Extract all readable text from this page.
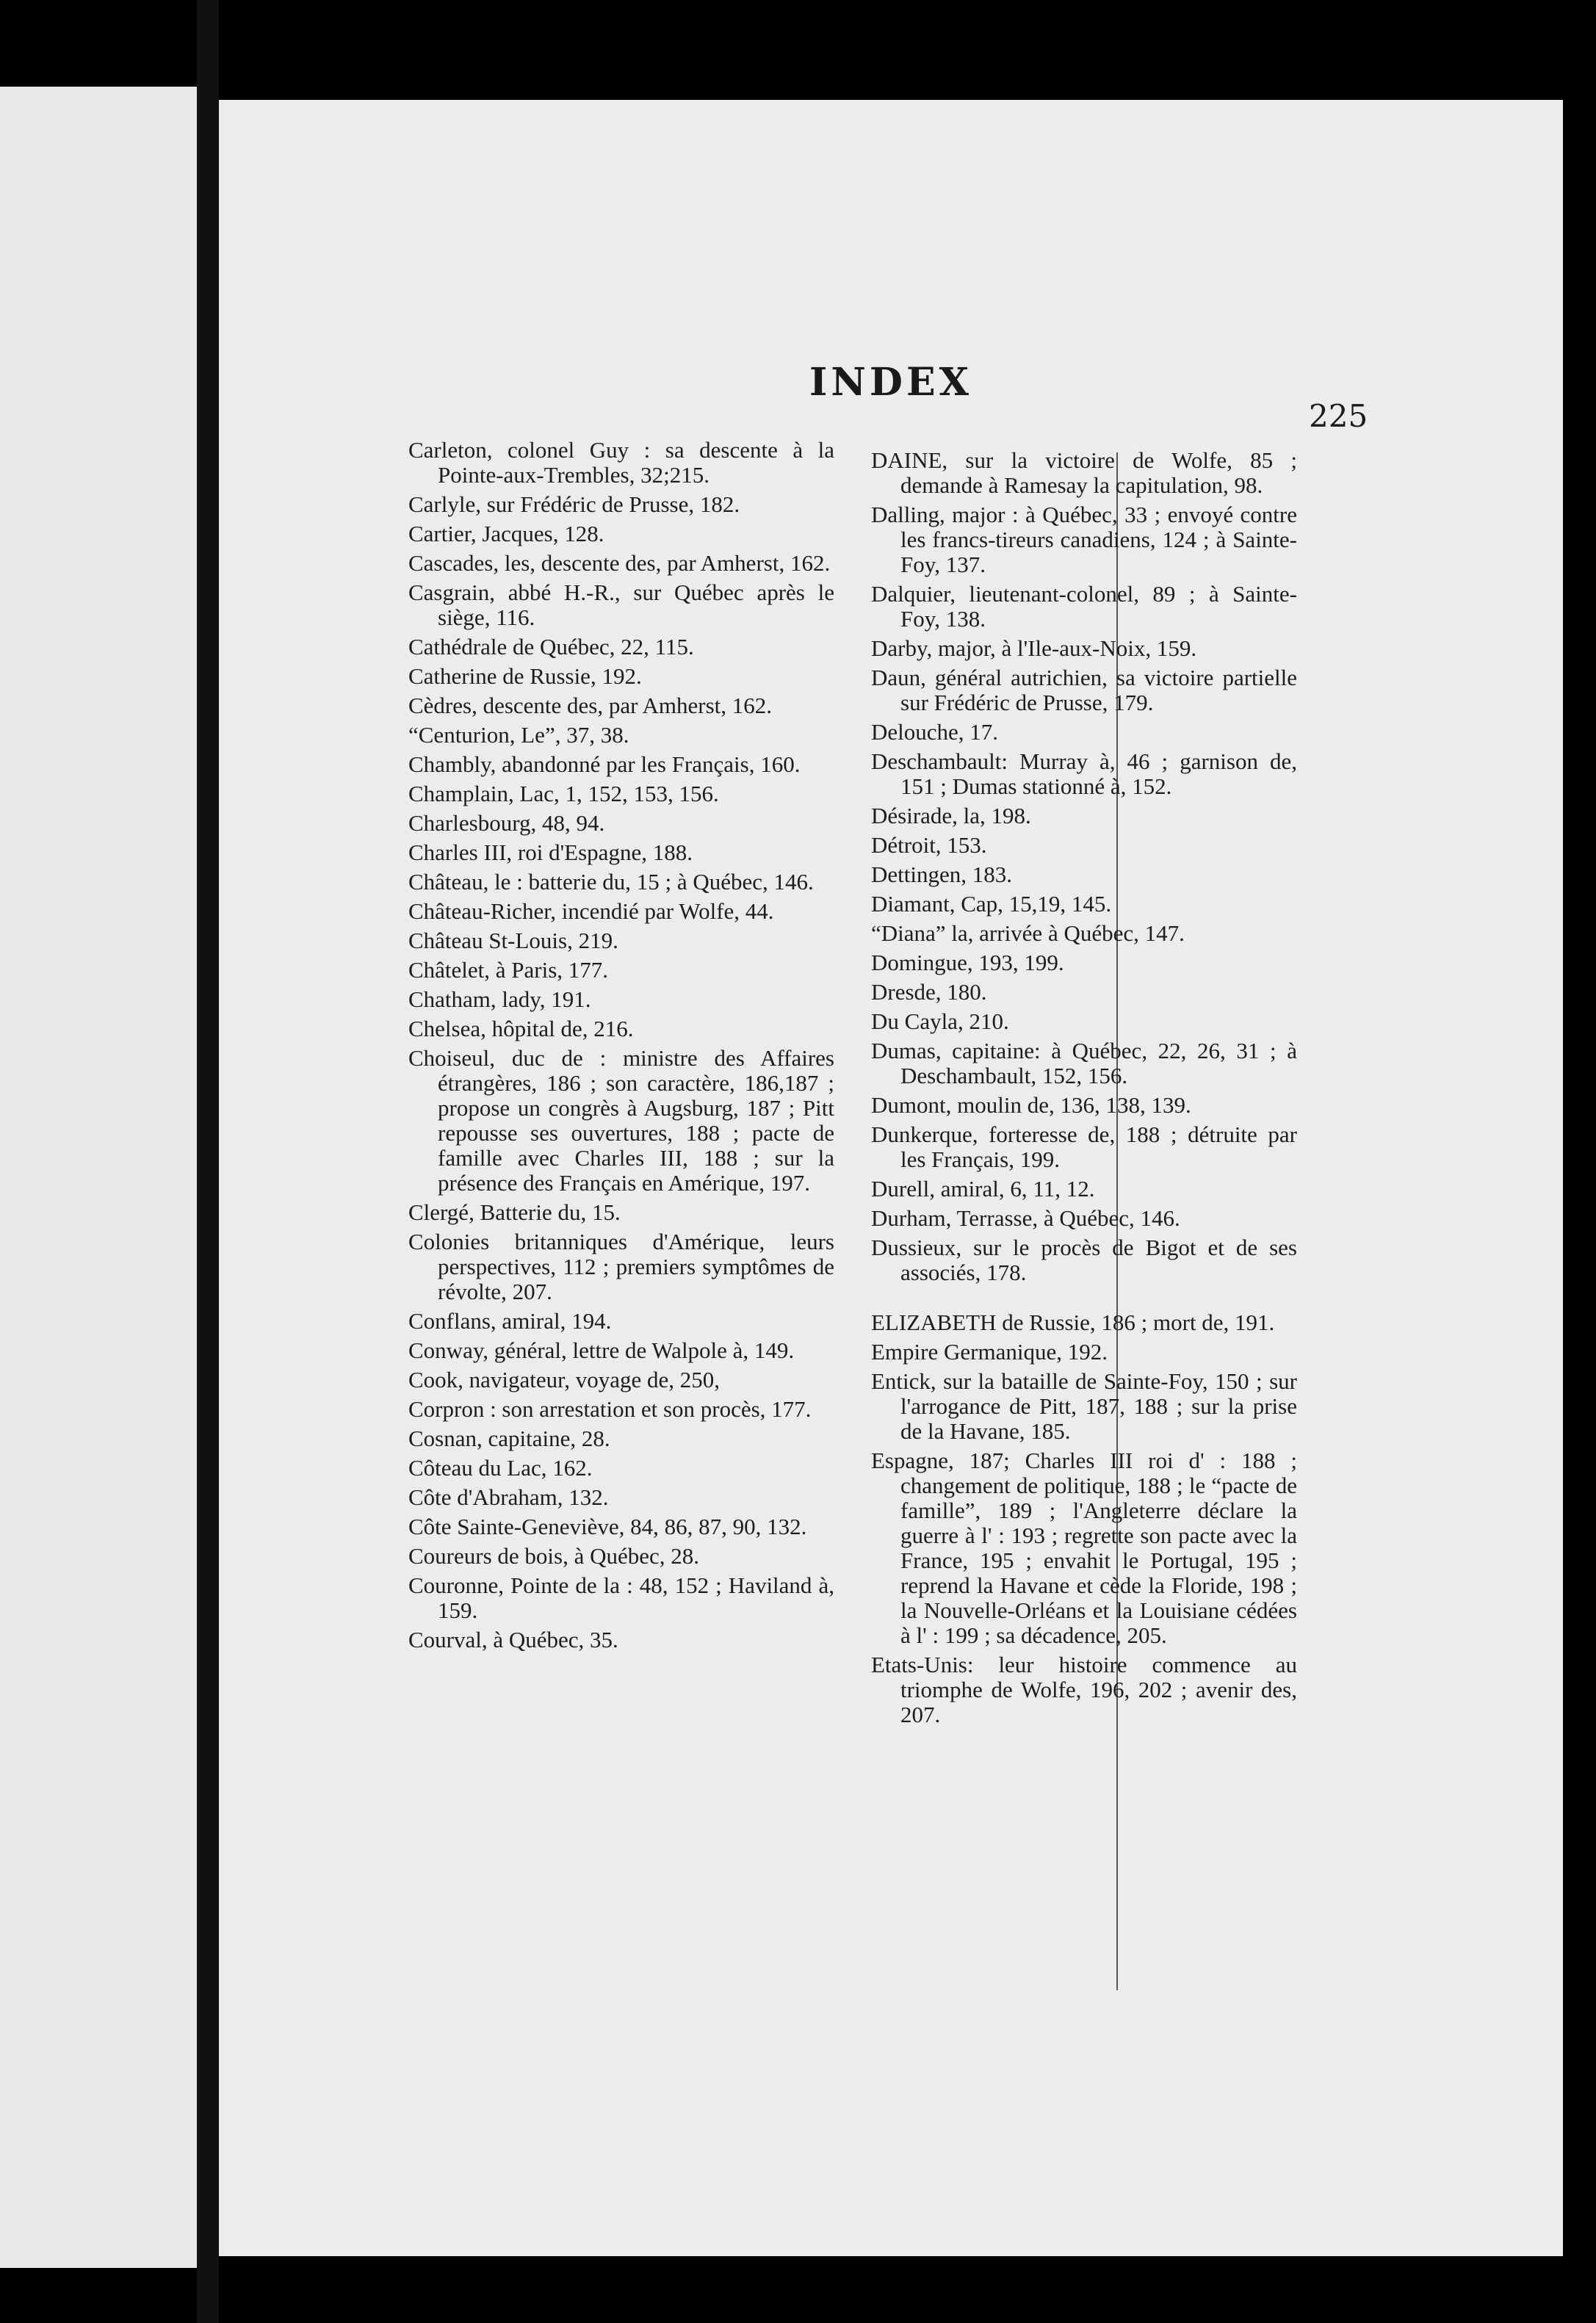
INDEX
225

Carleton, colonel Guy : sa descente à la Pointe-aux-Trembles, 32;215.

Carlyle, sur Frédéric de Prusse, 182.

Cartier, Jacques, 128.

Cascades, les, descente des, par Amherst, 162.

Casgrain, abbé H.-R., sur Québec après le siège, 116.

Cathédrale de Québec, 22, 115.

Catherine de Russie, 192.

Cèdres, descente des, par Amherst, 162.

“Centurion, Le”, 37, 38.

Chambly, abandonné par les Français, 160.

Champlain, Lac, 1, 152, 153, 156.

Charlesbourg, 48, 94.

Charles III, roi d'Espagne, 188.

Château, le : batterie du, 15 ; à Québec, 146.

Château-Richer, incendié par Wolfe, 44.

Château St-Louis, 219.

Châtelet, à Paris, 177.

Chatham, lady, 191.

Chelsea, hôpital de, 216.

Choiseul, duc de : ministre des Affaires étrangères, 186 ; son caractère, 186,187 ; propose un congrès à Augsburg, 187 ; Pitt repousse ses ouvertures, 188 ; pacte de famille avec Charles III, 188 ; sur la présence des Français en Amérique, 197.

Clergé, Batterie du, 15.

Colonies britanniques d'Amérique, leurs perspectives, 112 ; premiers symptômes de révolte, 207.

Conflans, amiral, 194.

Conway, général, lettre de Walpole à, 149.

Cook, navigateur, voyage de, 250,

Corpron : son arrestation et son procès, 177.

Cosnan, capitaine, 28.

Côteau du Lac, 162.

Côte d'Abraham, 132.

Côte Sainte-Geneviève, 84, 86, 87, 90, 132.

Coureurs de bois, à Québec, 28.

Couronne, Pointe de la : 48, 152 ; Haviland à, 159.

Courval, à Québec, 35.

DAINE, sur la victoire de Wolfe, 85 ; demande à Ramesay la capitulation, 98.

Dalling, major : à Québec, 33 ; envoyé contre les francs-tireurs canadiens, 124 ; à Sainte-Foy, 137.

Dalquier, lieutenant-colonel, 89 ; à Sainte-Foy, 138.

Darby, major, à l'Ile-aux-Noix, 159.

Daun, général autrichien, sa victoire partielle sur Frédéric de Prusse, 179.

Delouche, 17.

Deschambault: Murray à, 46 ; garnison de, 151 ; Dumas stationné à, 152.

Désirade, la, 198.

Détroit, 153.

Dettingen, 183.

Diamant, Cap, 15,19, 145.

“Diana” la, arrivée à Québec, 147.

Domingue, 193, 199.

Dresde, 180.

Du Cayla, 210.

Dumas, capitaine: à Québec, 22, 26, 31 ; à Deschambault, 152, 156.

Dumont, moulin de, 136, 138, 139.

Dunkerque, forteresse de, 188 ; détruite par les Français, 199.

Durell, amiral, 6, 11, 12.

Durham, Terrasse, à Québec, 146.

Dussieux, sur le procès de Bigot et de ses associés, 178.

ELIZABETH de Russie, 186 ; mort de, 191.

Empire Germanique, 192.

Entick, sur la bataille de Sainte-Foy, 150 ; sur l'arrogance de Pitt, 187, 188 ; sur la prise de la Havane, 185.

Espagne, 187; Charles III roi d' : 188 ; changement de politique, 188 ; le “pacte de famille”, 189 ; l'Angleterre déclare la guerre à l' : 193 ; regrette son pacte avec la France, 195 ; envahit le Portugal, 195 ; reprend la Havane et cède la Floride, 198 ; la Nouvelle-Orléans et la Louisiane cédées à l' : 199 ; sa décadence, 205.

Etats-Unis: leur histoire commence au triomphe de Wolfe, 196, 202 ; avenir des, 207.
